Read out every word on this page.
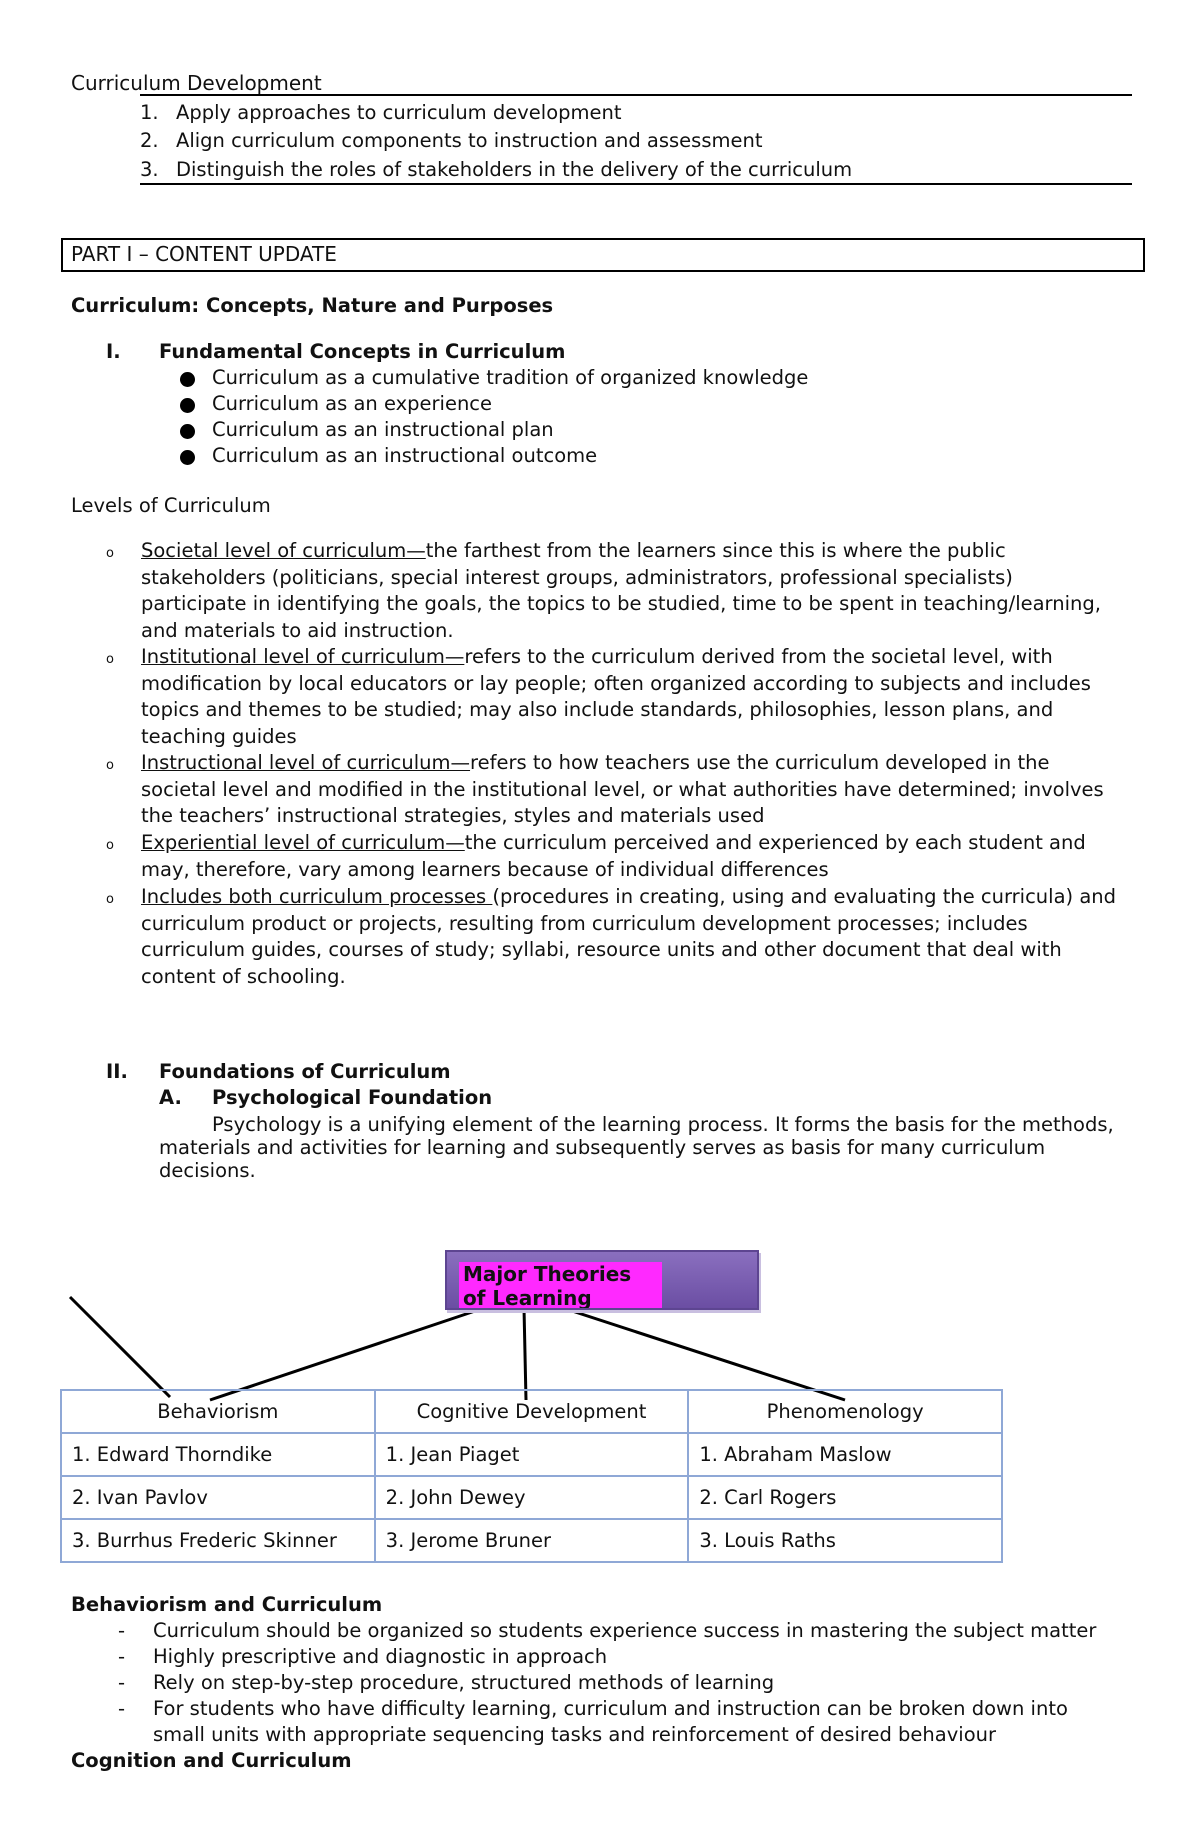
Curriculum Development
1. Apply approaches to curriculum development
2. Align curriculum components to instruction and assessment
3. Distinguish the roles of stakeholders in the delivery of the curriculum
PART I – CONTENT UPDATE
Curriculum: Concepts, Nature and Purposes
I. Fundamental Concepts in Curriculum
Curriculum as a cumulative tradition of organized knowledge
Curriculum as an experience
Curriculum as an instructional plan
Curriculum as an instructional outcome
Levels of Curriculum
o Societal level of curriculum—the farthest from the learners since this is where the public
stakeholders (politicians, special interest groups, administrators, professional specialists)
participate in identifying the goals, the topics to be studied, time to be spent in teaching/learning,
and materials to aid instruction.
o Institutional level of curriculum—refers to the curriculum derived from the societal level, with
modification by local educators or lay people; often organized according to subjects and includes
topics and themes to be studied; may also include standards, philosophies, lesson plans, and
teaching guides
o Instructional level of curriculum—refers to how teachers use the curriculum developed in the
societal level and modified in the institutional level, or what authorities have determined; involves
the teachers’ instructional strategies, styles and materials used
o Experiential level of curriculum—the curriculum perceived and experienced by each student and
may, therefore, vary among learners because of individual differences
o Includes both curriculum processes (procedures in creating, using and evaluating the curricula) and
curriculum product or projects, resulting from curriculum development processes; includes
curriculum guides, courses of study; syllabi, resource units and other document that deal with
content of schooling.
II. Foundations of Curriculum
A. Psychological Foundation
Psychology is a unifying element of the learning process. It forms the basis for the methods,
materials and activities for learning and subsequently serves as basis for many curriculum
decisions.
Major Theories of Learning
Behaviorism	Cognitive Development	Phenomenology
1. Edward Thorndike	1. Jean Piaget	1. Abraham Maslow
2. Ivan Pavlov	2. John Dewey	2. Carl Rogers
3. Burrhus Frederic Skinner	3. Jerome Bruner	3. Louis Raths
Behaviorism and Curriculum
- Curriculum should be organized so students experience success in mastering the subject matter
- Highly prescriptive and diagnostic in approach
- Rely on step-by-step procedure, structured methods of learning
- For students who have difficulty learning, curriculum and instruction can be broken down into
small units with appropriate sequencing tasks and reinforcement of desired behaviour
Cognition and Curriculum
